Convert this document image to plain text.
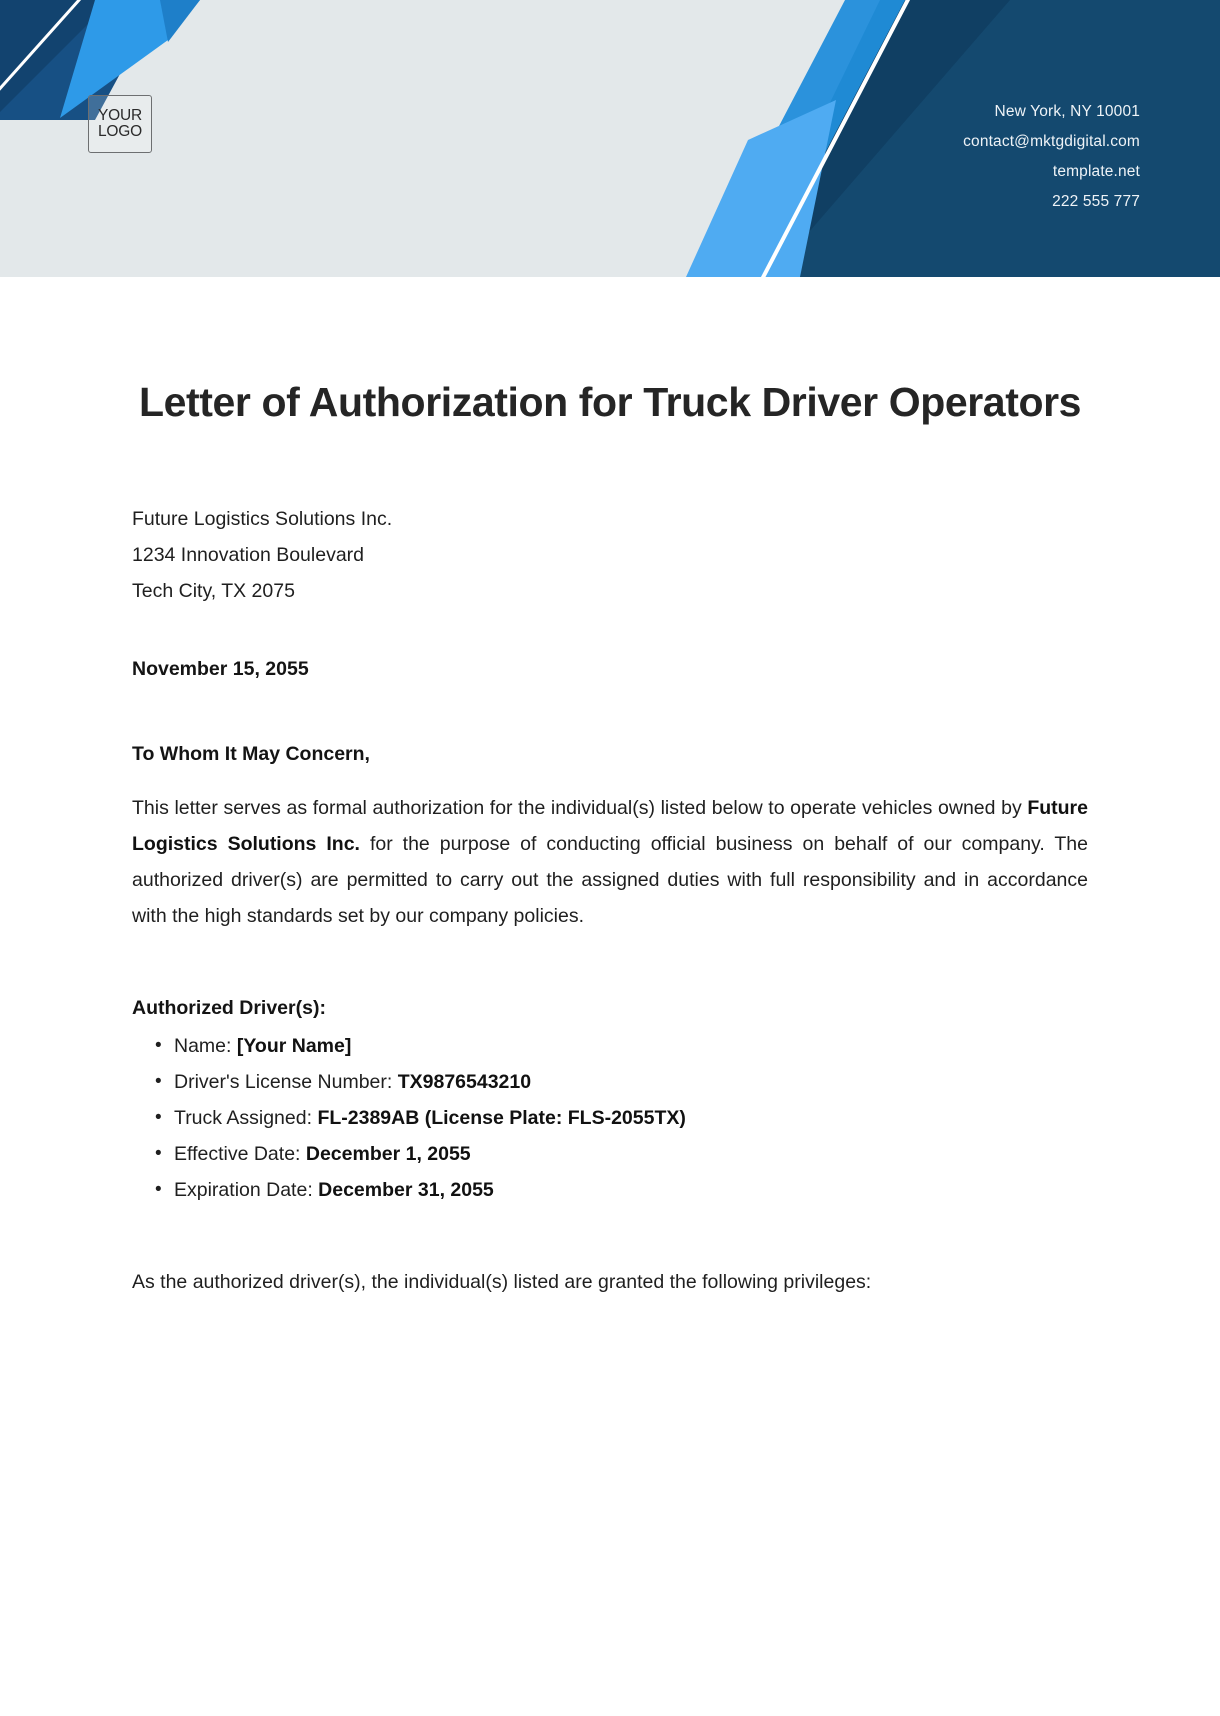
YOUR
LOGO
New York, NY 10001
contact@mktgdigital.com
template.net
222 555 777
Letter of Authorization for Truck Driver Operators
Future Logistics Solutions Inc.
1234 Innovation Boulevard
Tech City, TX 2075
November 15, 2055
To Whom It May Concern,

This letter serves as formal authorization for the individual(s) listed below to operate vehicles owned by Future Logistics Solutions Inc. for the purpose of conducting official business on behalf of our company. The authorized driver(s) are permitted to carry out the assigned duties with full responsibility and in accordance with the high standards set by our company policies.

Authorized Driver(s):
• Name: [Your Name]
• Driver's License Number: TX9876543210
• Truck Assigned: FL-2389AB (License Plate: FLS-2055TX)
• Effective Date: December 1, 2055
• Expiration Date: December 31, 2055

As the authorized driver(s), the individual(s) listed are granted the following privileges:
